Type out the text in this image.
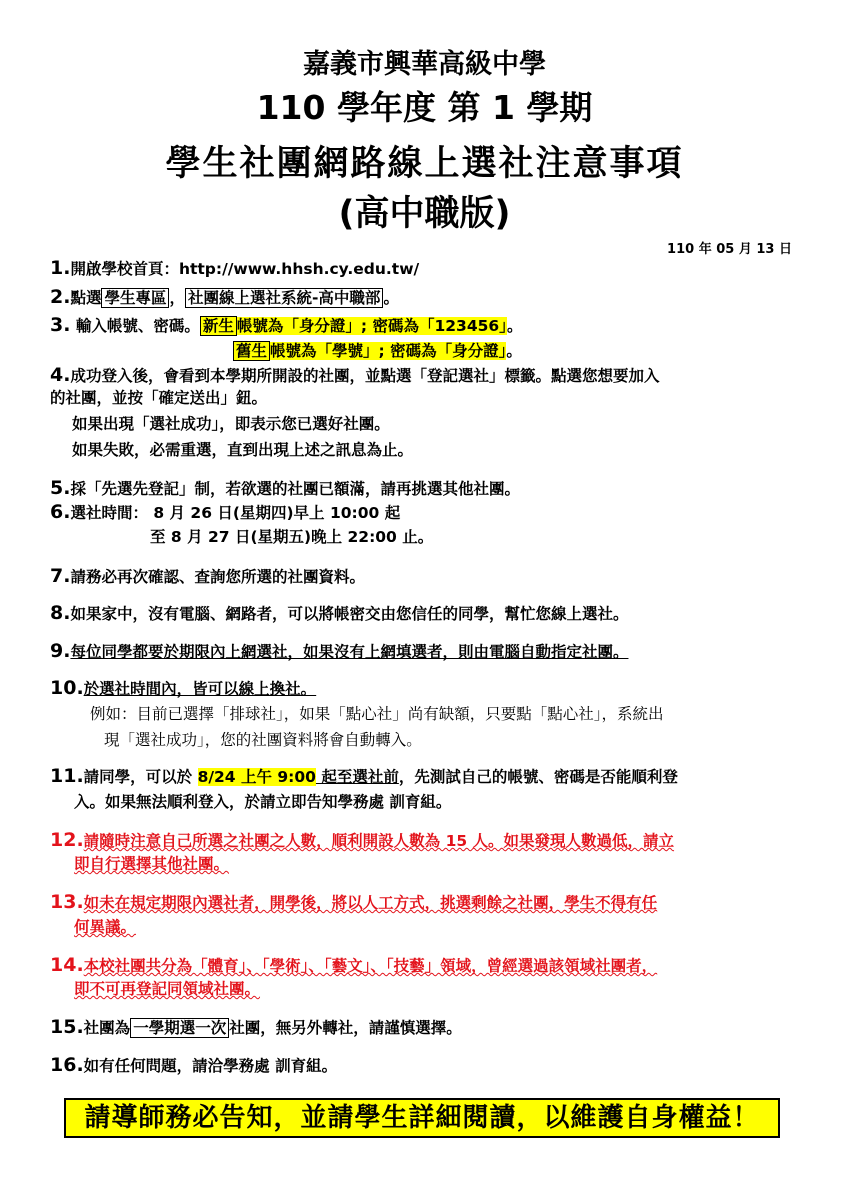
嘉義市興華高級中學
110 學年度 第 1 學期
學生社團網路線上選社注意事項
(高中職版)
110 年 05 月 13 日
1.開啟學校首頁：http://www.hhsh.cy.edu.tw/
2.點選 學生專區 ， 社團線上選社系統-高中職部 。
3. 輸入帳號、密碼。 新生 帳號為「身分證」; 密碼為「123456」。
舊生 帳號為「學號」; 密碼為「身分證」。
4.成功登入後，會看到本學期所開設的社團，並點選「登記選社」標籤。點選您想要加入
的社團，並按「確定送出」鈕。
如果出現「選社成功」，即表示您已選好社團。
如果失敗，必需重選，直到出現上述之訊息為止。
5.採「先選先登記」制，若欲選的社團已額滿，請再挑選其他社團。
6.選社時間： 8 月 26 日(星期四)早上 10:00 起
至 8 月 27 日(星期五)晚上 22:00 止。
7.請務必再次確認、查詢您所選的社團資料。
8.如果家中，沒有電腦、網路者，可以將帳密交由您信任的同學，幫忙您線上選社。
9.每位同學都要於期限內上網選社，如果沒有上網填選者，則由電腦自動指定社團。
10.於選社時間內，皆可以線上換社。
例如：目前已選擇「排球社」，如果「點心社」尚有缺額，只要點「點心社」，系統出
現「選社成功」，您的社團資料將會自動轉入。
11.請同學，可以於 8/24 上午 9:00 起至選社前，先測試自己的帳號、密碼是否能順利登
入。如果無法順利登入，於請立即告知學務處 訓育組。
12.請隨時注意自己所選之社團之人數，順利開設人數為 15 人。如果發現人數過低，請立
即自行選擇其他社團。
13.如未在規定期限內選社者，開學後，將以人工方式，挑選剩餘之社團，學生不得有任
何異議。
14.本校社團共分為「體育」、「學術」、「藝文」、「技藝」領域，曾經選過該領域社團者，
即不可再登記同領域社團。
15.社團為 一學期選一次 社團，無另外轉社，請謹慎選擇。
16.如有任何問題，請洽學務處 訓育組。
請導師務必告知，並請學生詳細閱讀，以維護自身權益！
